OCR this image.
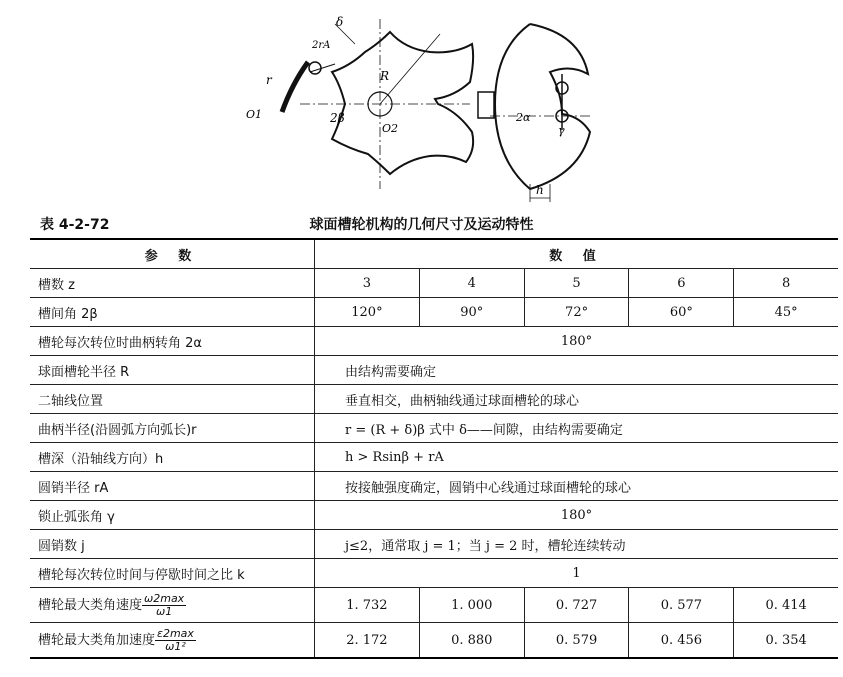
δ
2rA
r
O1	2β
R
O2
2α
γ
h
球面槽轮机构的几何尺寸及运动特性
表 4-2-72
参 数	数 值				
槽数 z	3	4	5	6	8
槽间角 2β	120°	90°	72°	60°	45°
槽轮每次转位时曲柄转角 2α	180°				
球面槽轮半径 R	由结构需要确定				
二轴线位置	垂直相交，曲柄轴线通过球面槽轮的球心				
曲柄半径(沿圆弧方向弧长)r	r = (R + δ)β 式中 δ——间隙，由结构需要确定				
槽深（沿轴线方向）h	h > Rsinβ + rA				
圆销半径 rA	按接触强度确定，圆销中心线通过球面槽轮的球心				
锁止弧张角 γ	180°				
圆销数 j	j≤2，通常取 j = 1；当 j = 2 时，槽轮连续转动				
槽轮每次转位时间与停歇时间之比 k	1				
槽轮最大类角速度 $\frac{\omega 2\max}{\omega 1}$	1. 732	1. 000	0. 727	0. 577	0. 414
槽轮最大类角加速度 $\frac{\varepsilon 2\max}{\text{ω1²}}$	2. 172	0. 880	0. 579	0. 456	0. 354
